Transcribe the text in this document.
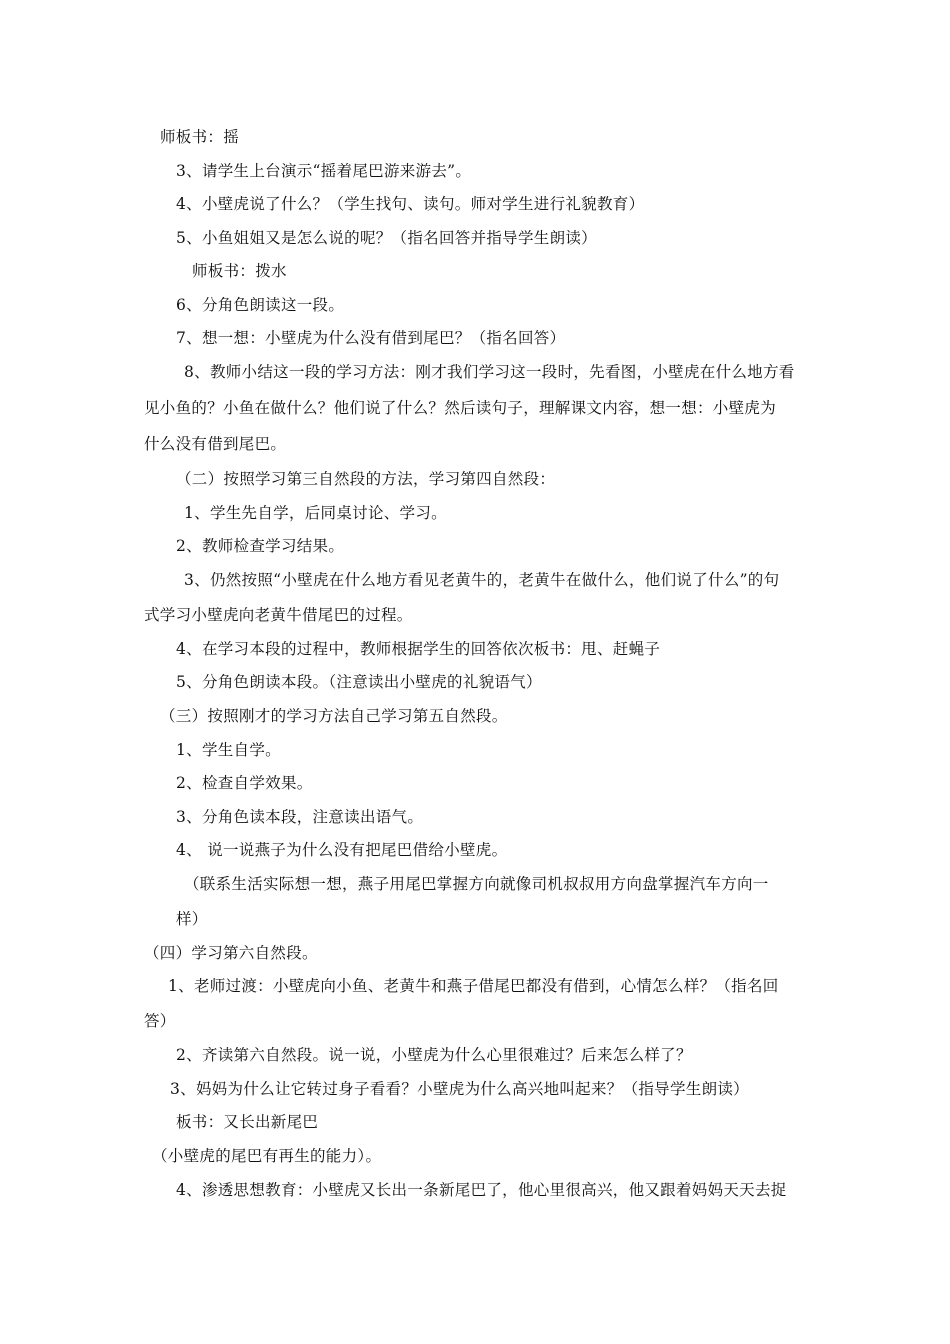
师板书：摇
3、请学生上台演示“摇着尾巴游来游去”。
4、小壁虎说了什么？（学生找句、读句。师对学生进行礼貌教育）
5、小鱼姐姐又是怎么说的呢？（指名回答并指导学生朗读）
师板书：拨水
6、分角色朗读这一段。
7、想一想：小壁虎为什么没有借到尾巴？（指名回答）
8、教师小结这一段的学习方法：刚才我们学习这一段时，先看图，小壁虎在什么地方看
见小鱼的？小鱼在做什么？他们说了什么？然后读句子，理解课文内容，想一想：小壁虎为
什么没有借到尾巴。
（二）按照学习第三自然段的方法，学习第四自然段：
1、学生先自学，后同桌讨论、学习。
2、教师检查学习结果。
3、仍然按照“小壁虎在什么地方看见老黄牛的，老黄牛在做什么，他们说了什么”的句
式学习小壁虎向老黄牛借尾巴的过程。
4、在学习本段的过程中，教师根据学生的回答依次板书：甩、赶蝇子
5、分角色朗读本段。（注意读出小壁虎的礼貌语气）
（三）按照刚才的学习方法自己学习第五自然段。
1、学生自学。
2、检查自学效果。
3、分角色读本段，注意读出语气。
4、 说一说燕子为什么没有把尾巴借给小壁虎。
（联系生活实际想一想，燕子用尾巴掌握方向就像司机叔叔用方向盘掌握汽车方向一
样）
（四）学习第六自然段。
1、老师过渡：小壁虎向小鱼、老黄牛和燕子借尾巴都没有借到，心情怎么样？（指名回
答）
2、齐读第六自然段。说一说，小壁虎为什么心里很难过？后来怎么样了？
3、妈妈为什么让它转过身子看看？小壁虎为什么高兴地叫起来？（指导学生朗读）
板书：又长出新尾巴
（小壁虎的尾巴有再生的能力）。
4、渗透思想教育：小壁虎又长出一条新尾巴了，他心里很高兴，他又跟着妈妈天天去捉
